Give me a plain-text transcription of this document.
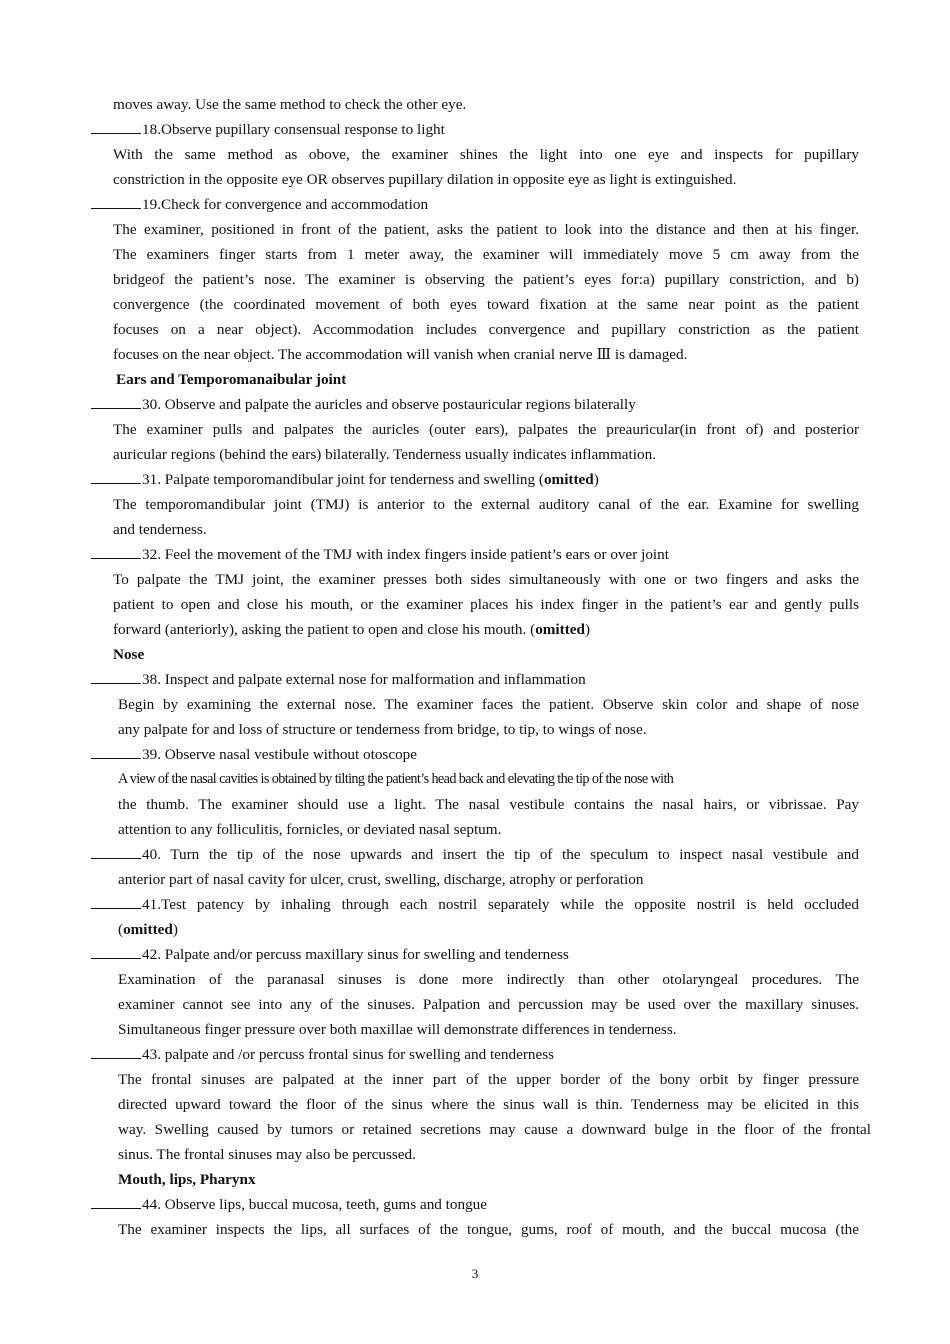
moves away. Use the same method to check the other eye.
18.Observe pupillary consensual response to light
With the same method as obove, the examiner shines the light into one eye and inspects for pupillary
constriction in the opposite eye OR observes pupillary dilation in opposite eye as light is extinguished.
19.Check for convergence and accommodation
The examiner, positioned in front of the patient, asks the patient to look into the distance and then at his finger.
The examiners finger starts from 1 meter away, the examiner will immediately move 5 cm away from the
bridgeof the patient’s nose. The examiner is observing the patient’s eyes for:a) pupillary constriction, and b)
convergence (the coordinated movement of both eyes toward fixation at the same near point as the patient
focuses on a near object). Accommodation includes convergence and pupillary constriction as the patient
focuses on the near object. The accommodation will vanish when cranial nerve Ⅲ is damaged.
Ears and Temporomanaibular joint
30. Observe and palpate the auricles and observe postauricular regions bilaterally
The examiner pulls and palpates the auricles (outer ears), palpates the preauricular(in front of) and posterior
auricular regions (behind the ears) bilaterally. Tenderness usually indicates inflammation.
31. Palpate temporomandibular joint for tenderness and swelling (omitted)
The temporomandibular joint (TMJ) is anterior to the external auditory canal of the ear. Examine for swelling
and tenderness.
32. Feel the movement of the TMJ with index fingers inside patient’s ears or over joint
To palpate the TMJ joint, the examiner presses both sides simultaneously with one or two fingers and asks the
patient to open and close his mouth, or the examiner places his index finger in the patient’s ear and gently pulls
forward (anteriorly), asking the patient to open and close his mouth. (omitted)
Nose
38. Inspect and palpate external nose for malformation and inflammation
Begin by examining the external nose. The examiner faces the patient. Observe skin color and shape of nose
any palpate for and loss of structure or tenderness from bridge, to tip, to wings of nose.
39. Observe nasal vestibule without otoscope
A view of the nasal cavities is obtained by tilting the patient’s head back and elevating the tip of the nose with
the thumb. The examiner should use a light. The nasal vestibule contains the nasal hairs, or vibrissae. Pay
attention to any folliculitis, fornicles, or deviated nasal septum.
40. Turn the tip of the nose upwards and insert the tip of the speculum to inspect nasal vestibule and
anterior part of nasal cavity for ulcer, crust, swelling, discharge, atrophy or perforation
41.Test patency by inhaling through each nostril separately while the opposite nostril is held occluded
(omitted)
42. Palpate and/or percuss maxillary sinus for swelling and tenderness
Examination of the paranasal sinuses is done more indirectly than other otolaryngeal procedures. The
examiner cannot see into any of the sinuses. Palpation and percussion may be used over the maxillary sinuses.
Simultaneous finger pressure over both maxillae will demonstrate differences in tenderness.
43. palpate and /or percuss frontal sinus for swelling and tenderness
The frontal sinuses are palpated at the inner part of the upper border of the bony orbit by finger pressure
directed upward toward the floor of the sinus where the sinus wall is thin. Tenderness may be elicited in this
way. Swelling caused by tumors or retained secretions may cause a downward bulge in the floor of the frontal
sinus. The frontal sinuses may also be percussed.
Mouth, lips, Pharynx
44. Observe lips, buccal mucosa, teeth, gums and tongue
The examiner inspects the lips, all surfaces of the tongue, gums, roof of mouth, and the buccal mucosa (the
3
